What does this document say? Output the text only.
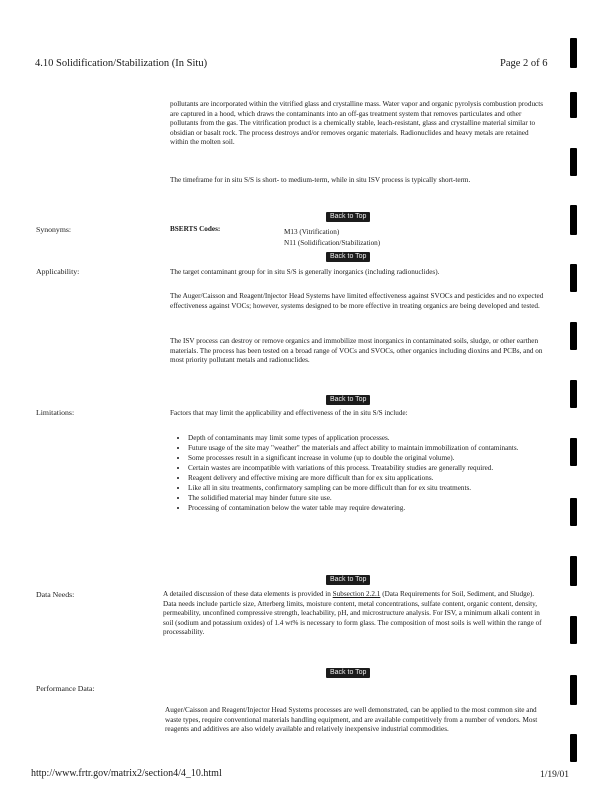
4.10 Solidification/Stabilization (In Situ)	Page 2 of 6
pollutants are incorporated within the vitrified glass and crystalline mass. Water vapor and organic pyrolysis combustion products are captured in a hood, which draws the contaminants into an off-gas treatment system that removes particulates and other pollutants from the gas. The vitrification product is a chemically stable, leach-resistant, glass and crystalline material similar to obsidian or basalt rock. The process destroys and/or removes organic materials. Radionuclides and heavy metals are retained within the molten soil.
The timeframe for in situ S/S is short- to medium-term, while in situ ISV process is typically short-term.
Back to Top
Synonyms:	BSERTS Codes:	M13 (Vitrification)
N11 (Solidification/Stabilization)
Back to Top
Applicability:	The target contaminant group for in situ S/S is generally inorganics (including radionuclides).
The Auger/Caisson and Reagent/Injector Head Systems have limited effectiveness against SVOCs and pesticides and no expected effectiveness against VOCs; however, systems designed to be more effective in treating organics are being developed and tested.
The ISV process can destroy or remove organics and immobilize most inorganics in contaminated soils, sludge, or other earthen materials. The process has been tested on a broad range of VOCs and SVOCs, other organics including dioxins and PCBs, and on most priority pollutant metals and radionuclides.
Back to Top
Limitations:	Factors that may limit the applicability and effectiveness of the in situ S/S include:
• Depth of contaminants may limit some types of application processes.
• Future usage of the site may "weather" the materials and affect ability to maintain immobilization of contaminants.
• Some processes result in a significant increase in volume (up to double the original volume).
• Certain wastes are incompatible with variations of this process. Treatability studies are generally required.
• Reagent delivery and effective mixing are more difficult than for ex situ applications.
• Like all in situ treatments, confirmatory sampling can be more difficult than for ex situ treatments.
• The solidified material may hinder future site use.
• Processing of contamination below the water table may require dewatering.
Back to Top
Data Needs:	A detailed discussion of these data elements is provided in Subsection 2.2.1 (Data Requirements for Soil, Sediment, and Sludge). Data needs include particle size, Atterberg limits, moisture content, metal concentrations, sulfate content, organic content, density, permeability, unconfined compressive strength, leachability, pH, and microstructure analysis. For ISV, a minimum alkali content in soil (sodium and potassium oxides) of 1.4 wt% is necessary to form glass. The composition of most soils is well within the range of processability.
Back to Top
Performance Data:
Auger/Caisson and Reagent/Injector Head Systems processes are well demonstrated, can be applied to the most common site and waste types, require conventional materials handling equipment, and are available competitively from a number of vendors. Most reagents and additives are also widely available and relatively inexpensive industrial commodities.
http://www.frtr.gov/matrix2/section4/4_10.html	1/19/01
